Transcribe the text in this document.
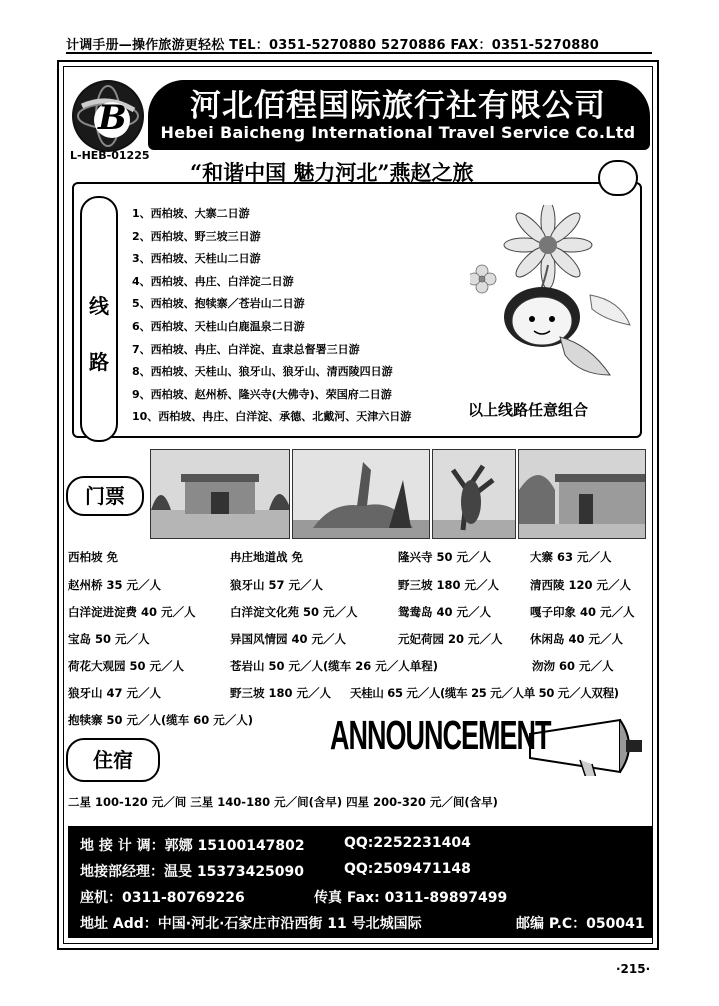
计调手册—操作旅游更轻松 TEL：0351-5270880 5270886 FAX：0351-5270880
B	河北佰程国际旅行社有限公司
Hebei Baicheng International Travel Service Co.Ltd
L-HEB-01225
“和谐中国 魅力河北”燕赵之旅
线
路
1、西柏坡、大寨二日游
2、西柏坡、野三坡三日游
3、西柏坡、天桂山二日游
4、西柏坡、冉庄、白洋淀二日游
5、西柏坡、抱犊寨／苍岩山二日游
6、西柏坡、天桂山白鹿温泉二日游
7、西柏坡、冉庄、白洋淀、直隶总督署三日游
8、西柏坡、天桂山、狼牙山、狼牙山、清西陵四日游
9、西柏坡、赵州桥、隆兴寺(大佛寺)、荣国府二日游
10、西柏坡、冉庄、白洋淀、承德、北戴河、天津六日游	以上线路任意组合
门票
西柏坡 免	冉庄地道战 免	隆兴寺 50 元／人	大寨 63 元／人
赵州桥 35 元／人	狼牙山 57 元／人	野三坡 180 元／人	清西陵 120 元／人
白洋淀进淀费 40 元／人	白洋淀文化苑 50 元／人	鸳鸯岛 40 元／人	嘎子印象 40 元／人
宝岛 50 元／人	异国风情园 40 元／人	元妃荷园 20 元／人 休闲岛 40 元／人
荷花大观园 50 元／人	苍岩山 50 元／人(缆车 26 元／人单程)	沕沕 60 元／人
狼牙山 47 元／人	野三坡 180 元／人 天桂山 65 元／人(缆车 25 元／人单 50 元／人双程)
抱犊寨 50 元／人(缆车 60 元／人)	ANNOUNCEMENT
住宿
二星 100-120 元／间 三星 140-180 元／间(含早) 四星 200-320 元／间(含早)
地 接 计 调：郭娜 15100147802	QQ:2252231404
地接部经理：温旻 15373425090	QQ:2509471148
座机：0311-80769226	传真 Fax: 0311-89897499
地址 Add：中国·河北·石家庄市沿西街 11 号北城国际	邮编 P.C：050041
·215·
